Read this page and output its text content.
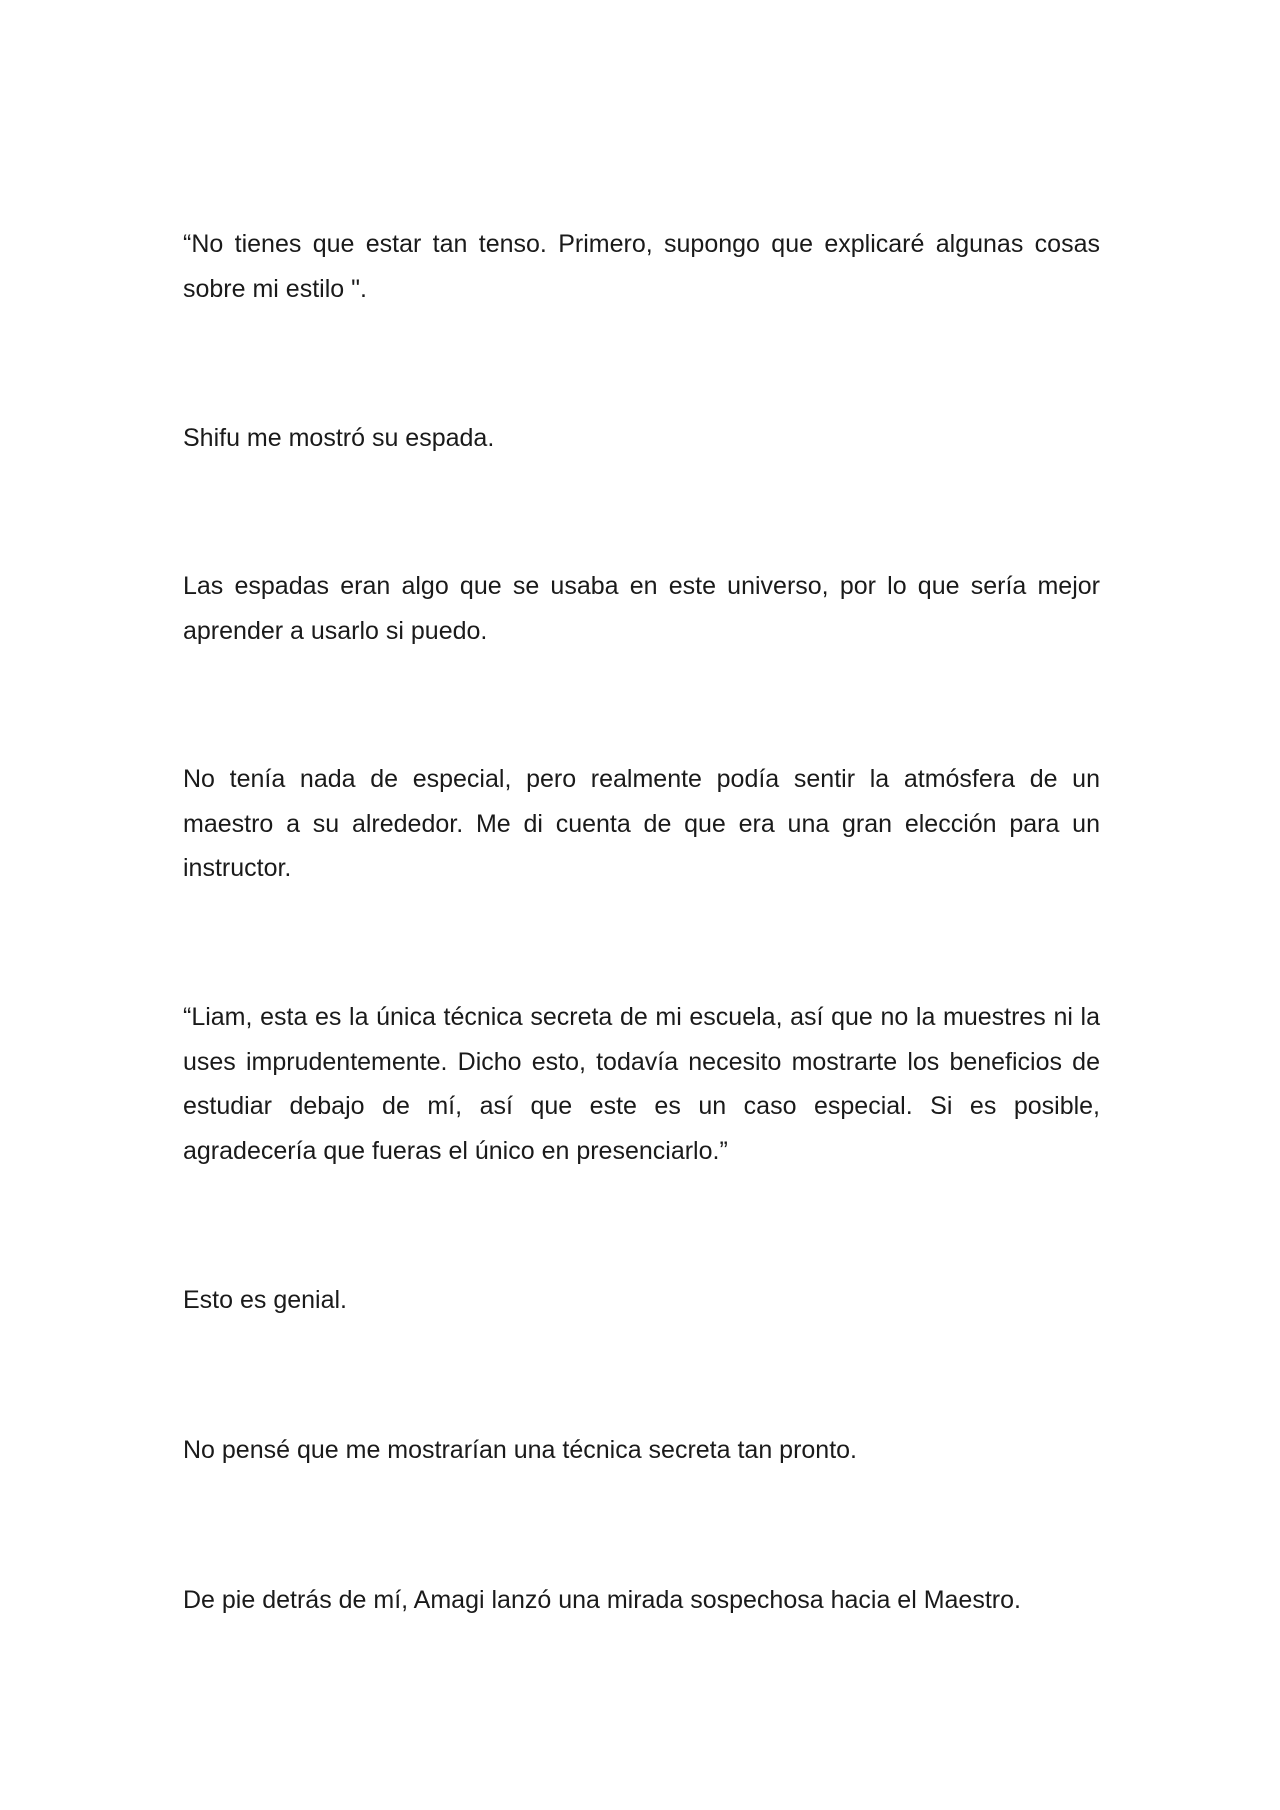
“No tienes que estar tan tenso. Primero, supongo que explicaré algunas cosas sobre mi estilo ".

Shifu me mostró su espada.

Las espadas eran algo que se usaba en este universo, por lo que sería mejor aprender a usarlo si puedo.

No tenía nada de especial, pero realmente podía sentir la atmósfera de un maestro a su alrededor. Me di cuenta de que era una gran elección para un instructor.

“Liam, esta es la única técnica secreta de mi escuela, así que no la muestres ni la uses imprudentemente. Dicho esto, todavía necesito mostrarte los beneficios de estudiar debajo de mí, así que este es un caso especial. Si es posible, agradecería que fueras el único en presenciarlo.”

Esto es genial.

No pensé que me mostrarían una técnica secreta tan pronto.

De pie detrás de mí, Amagi lanzó una mirada sospechosa hacia el Maestro.
